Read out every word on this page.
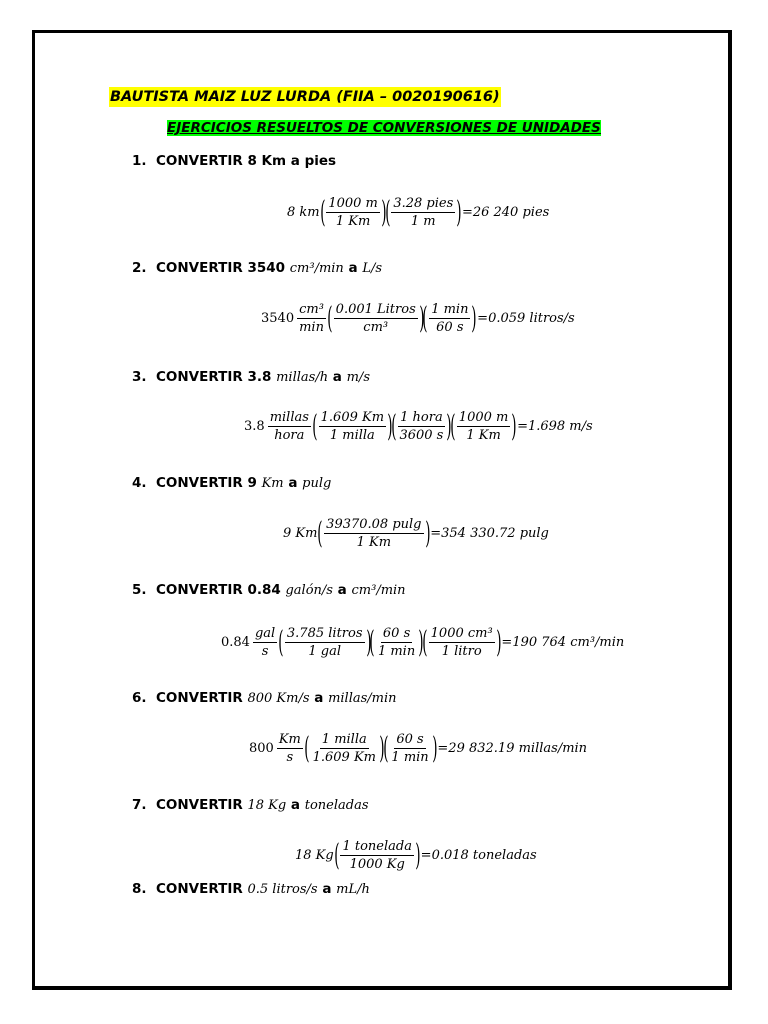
BAUTISTA MAIZ LUZ LURDA (FIIA – 0020190616)
EJERCICIOS RESUELTOS DE CONVERSIONES DE UNIDADES
1. CONVERTIR 8 Km a pies
8 km ( $\frac{1000 m}{1 Km}$ )
( $\frac{\text{3.28 pies}}{1 m}$ ) =26 240 pies
2. CONVERTIR 3540 cm³/min a L/s
$3540 \frac{\text{cm³}}{\min}$ ( $\frac{\text{0.001 Litros}}{\text{cm³}}$ )
( $\frac{1 \min}{60 s}$ ) =0.059 litros/s
3. CONVERTIR 3.8 millas/h a m/s
$3.8 \frac{\text{millas}}{\text{hora}}$ ( $\frac{1.609 Km}{\text{1 milla}}$ )
( $\frac{\text{1 hora}}{3600 s}$ )
( $\frac{1000 m}{1 Km}$ ) =1.698 m/s
4. CONVERTIR 9 Km a pulg
9 Km ( $\frac{39370.08 pulg}{1 Km}$ ) =354 330.72 pulg
5. CONVERTIR 0.84 galón/s a cm³/min
$0.84 \frac{\text{gal}}{s}$ ( $\frac{\text{3.785 litros}}{\text{1 gal}}$ )
( $\frac{60 s}{1 \min}$ )
( $\frac{\text{1000 cm³}}{\text{1 litro}}$ ) =190 764 cm³/min
6. CONVERTIR 800 Km/s a millas/min
$800 \frac{Km}{s}$ ( $\frac{\text{1 milla}}{1.609 Km}$ )
( $\frac{60 s}{1 \min}$ ) =29 832.19 millas/min
7. CONVERTIR 18 Kg a toneladas
18 Kg ( $\frac{\text{1 tonelada}}{1000 Kg}$ ) =0.018 toneladas
8. CONVERTIR 0.5 litros/s a mL/h
